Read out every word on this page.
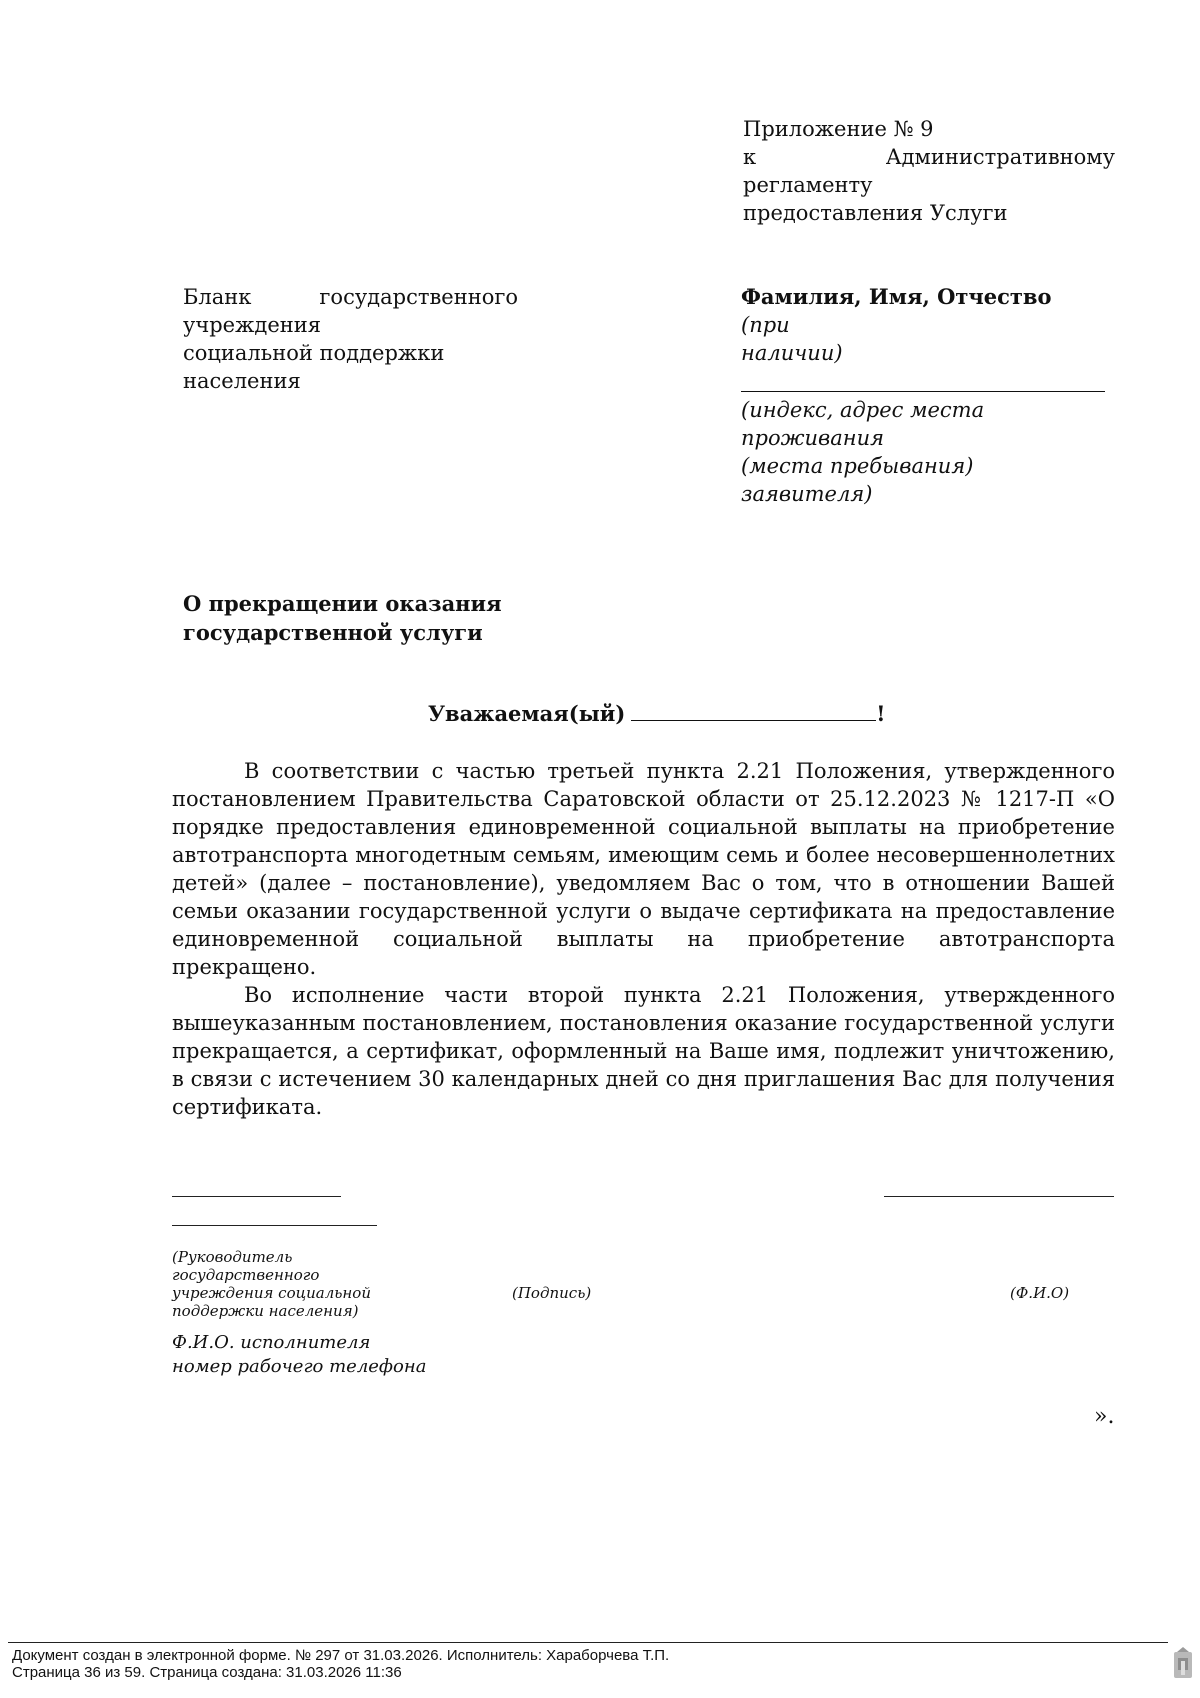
Приложение № 9
к Административному регламенту
предоставления Услуги
Бланк	государственного
учреждения
социальной поддержки
населения
Фамилия, Имя, Отчество (при
наличии)
(индекс, адрес места проживания
(места пребывания) заявителя)
О прекращении оказания
государственной услуги
Уважаемая(ый)	!

В соответствии с частью третьей пункта 2.21 Положения, утвержденного постановлением Правительства Саратовской области от 25.12.2023 № 1217-П «О порядке предоставления единовременной социальной выплаты на приобретение автотранспорта многодетным семьям, имеющим семь и более несовершеннолетних детей» (далее – постановление), уведомляем Вас о том, что в отношении Вашей семьи оказании государственной услуги о выдаче сертификата на предоставление единовременной социальной выплаты на приобретение автотранспорта прекращено.

Во исполнение части второй пункта 2.21 Положения, утвержденного вышеуказанным постановлением, постановления оказание государственной услуги прекращается, а сертификат, оформленный на Ваше имя, подлежит уничтожению, в связи с истечением 30 календарных дней со дня приглашения Вас для получения сертификата.

(Руководитель государственного
учреждения социальной
поддержки населения)
(Подпись)	(Ф.И.О)
Ф.И.О. исполнителя
номер рабочего телефона
».
Документ создан в электронной форме. № 297 от 31.03.2026. Исполнитель: Хараборчева Т.П.
Страница 36 из 59. Страница создана: 31.03.2026 11:36
